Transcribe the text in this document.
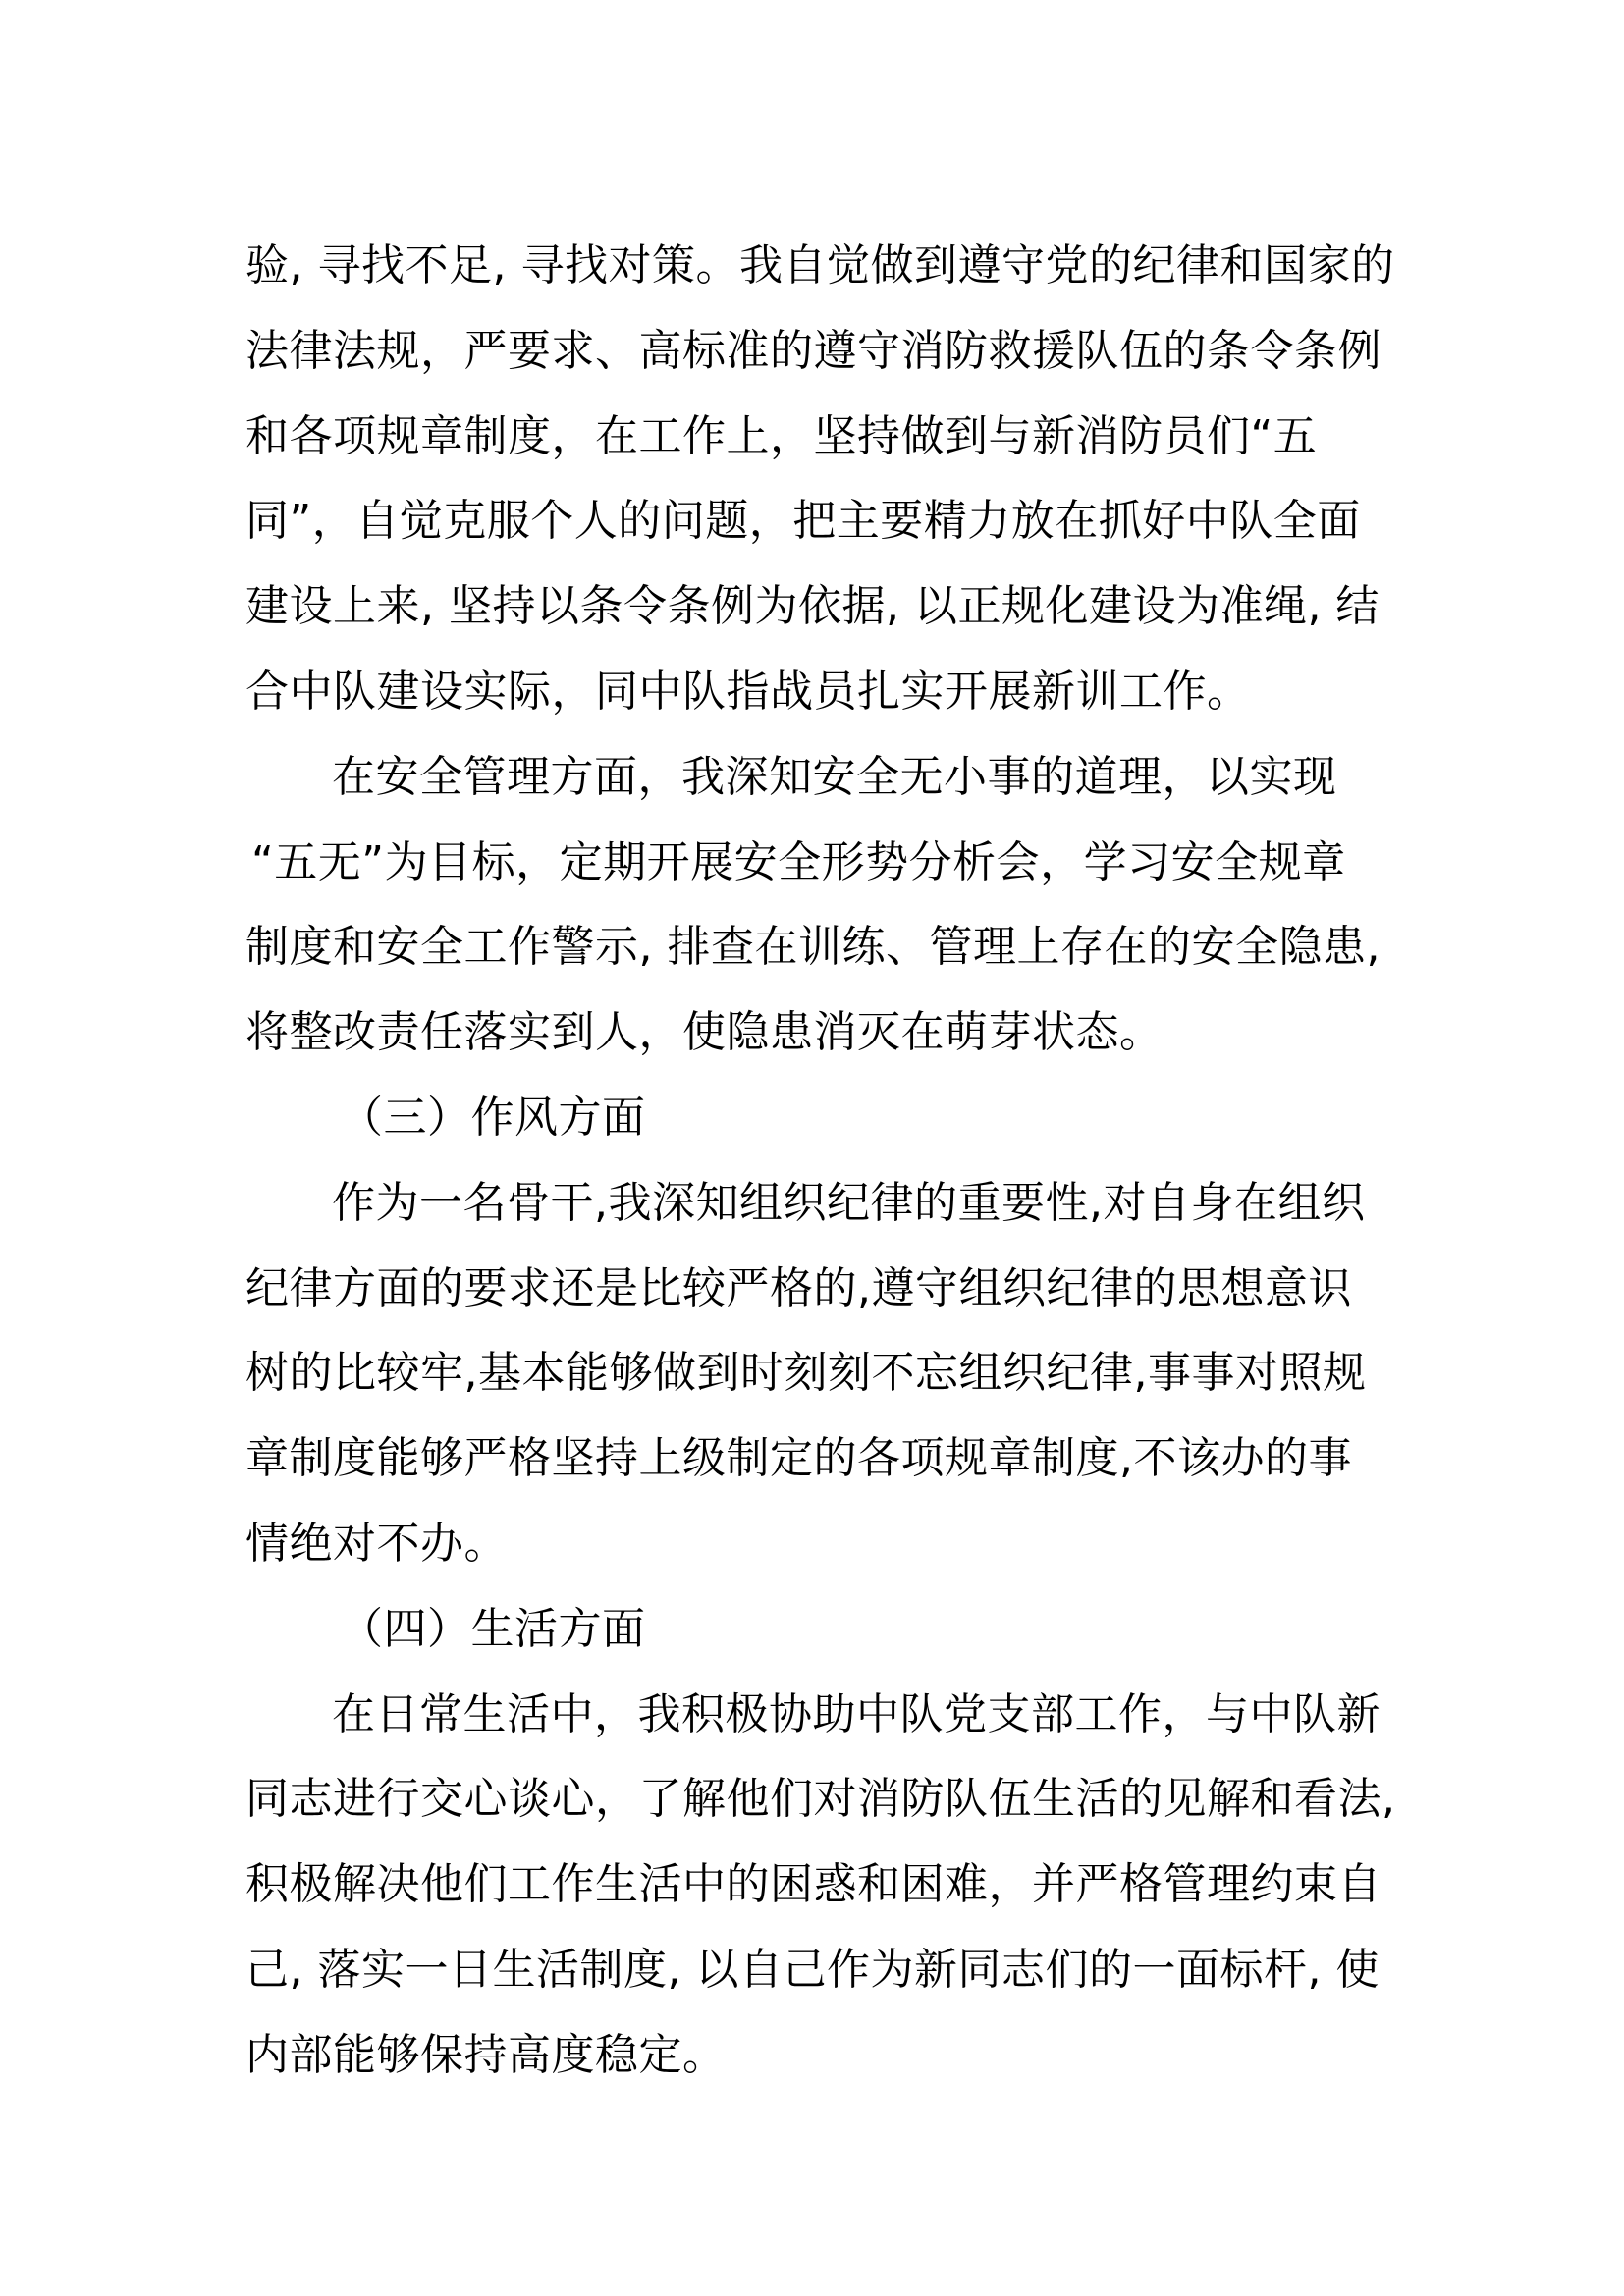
验, 寻找不足, 寻找对策。我自觉做到遵守党的纪律和国家的
法律法规，严要求、高标准的遵守消防救援队伍的条令条例
和各项规章制度，在工作上，坚持做到与新消防员们“五
同”，自觉克服个人的问题，把主要精力放在抓好中队全面
建设上来, 坚持以条令条例为依据, 以正规化建设为准绳, 结
合中队建设实际，同中队指战员扎实开展新训工作。
在安全管理方面，我深知安全无小事的道理，以实现
“五无”为目标，定期开展安全形势分析会，学习安全规章
制度和安全工作警示, 排查在训练、管理上存在的安全隐患,
将整改责任落实到人，使隐患消灭在萌芽状态。
（三）作风方面
作为一名骨干,我深知组织纪律的重要性,对自身在组织
纪律方面的要求还是比较严格的,遵守组织纪律的思想意识
树的比较牢,基本能够做到时刻刻不忘组织纪律,事事对照规
章制度能够严格坚持上级制定的各项规章制度,不该办的事
情绝对不办。
（四）生活方面
在日常生活中，我积极协助中队党支部工作，与中队新
同志进行交心谈心，了解他们对消防队伍生活的见解和看法,
积极解决他们工作生活中的困惑和困难，并严格管理约束自
己, 落实一日生活制度, 以自己作为新同志们的一面标杆, 使
内部能够保持高度稳定。
